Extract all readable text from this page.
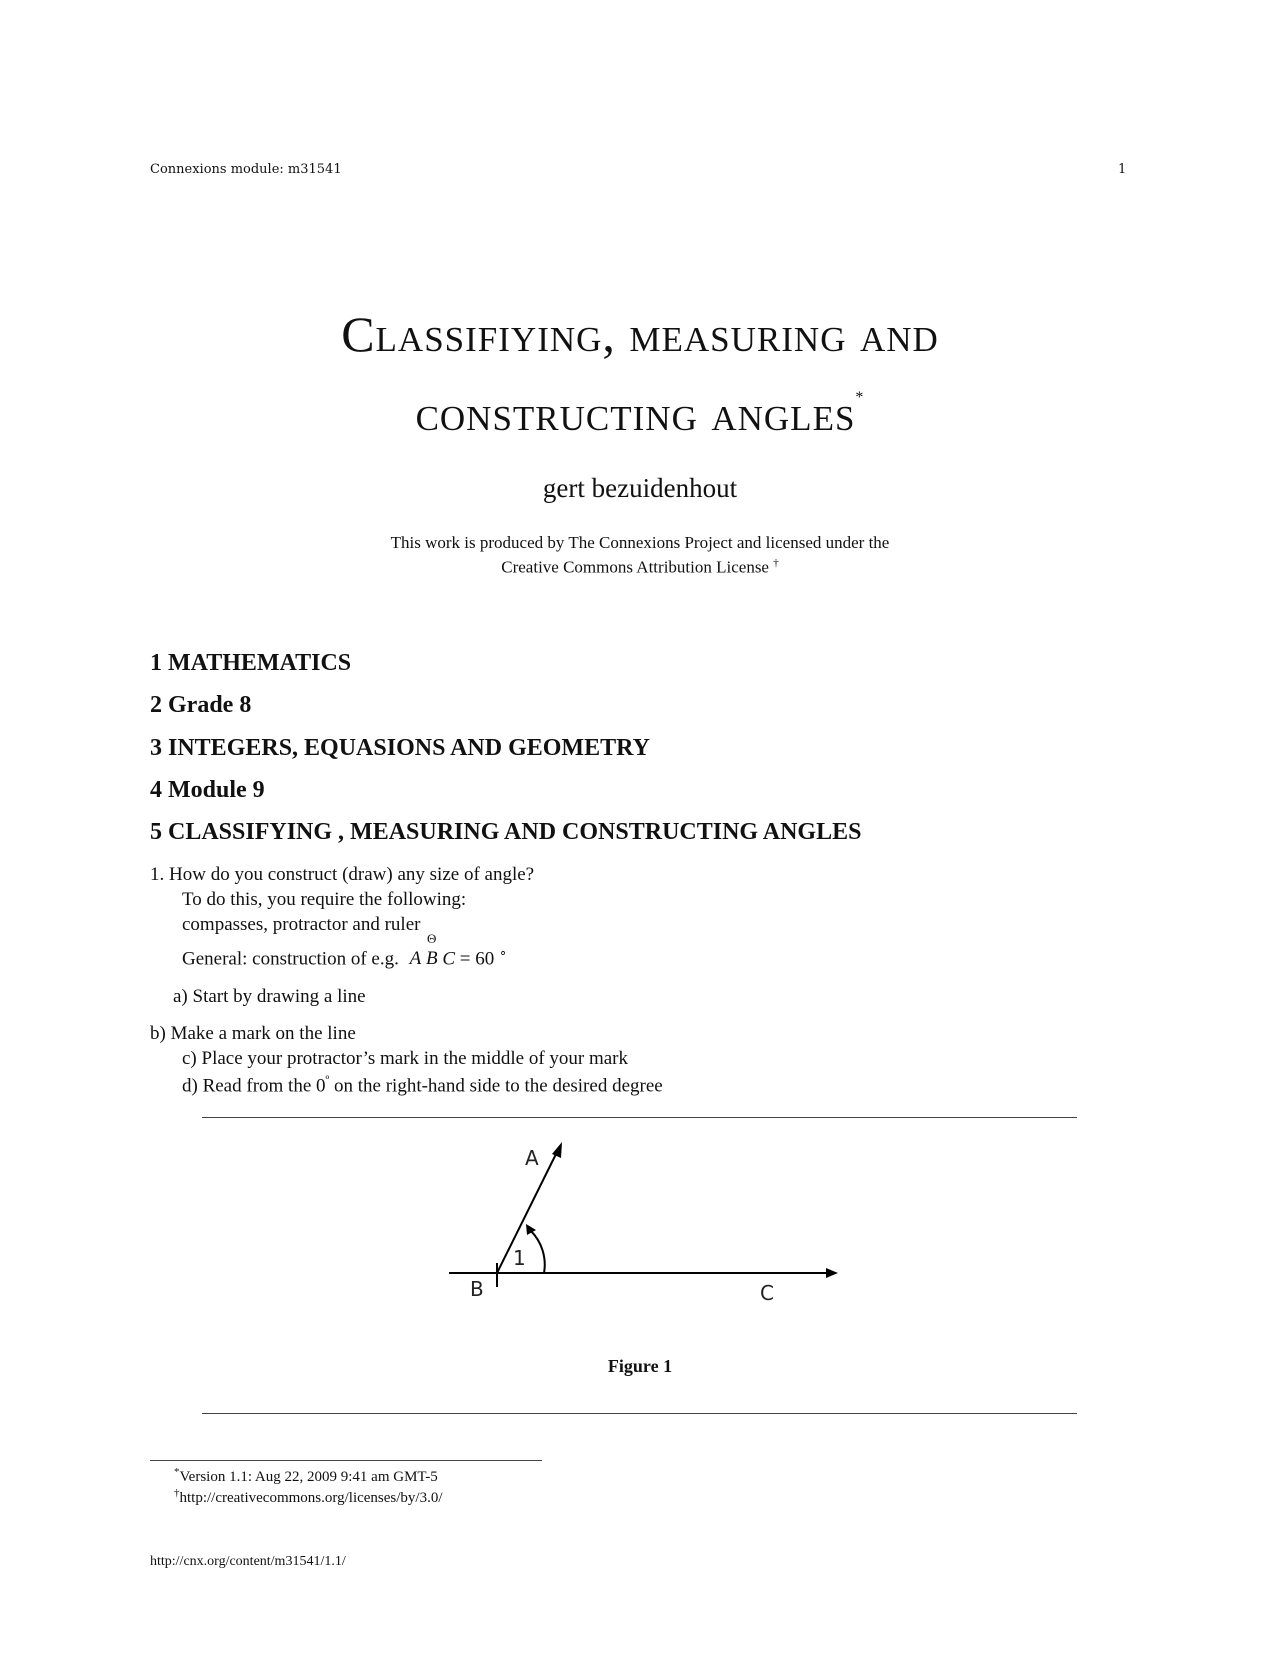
Connexions module: m31541	1
Classifiying, measuring and
constructing angles*
gert bezuidenhout
This work is produced by The Connexions Project and licensed under the
Creative Commons Attribution License †
1 MATHEMATICS
2 Grade 8
3 INTEGERS, EQUASIONS AND GEOMETRY
4 Module 9
5 CLASSIFYING , MEASURING AND CONSTRUCTING ANGLES
1. How do you construct (draw) any size of angle?
To do this, you require the following:
compasses, protractor and ruler
General: construction of e.g. A
Θ
B C = 60 ∘
a) Start by drawing a line
b) Make a mark on the line
c) Place your protractor’s mark in the middle of your mark
d) Read from the $0^º$ on the right-hand side to the desired degree
A
B	C
1
Figure 1
*Version 1.1: Aug 22, 2009 9:41 am GMT-5
†http://creativecommons.org/licenses/by/3.0/
http://cnx.org/content/m31541/1.1/
